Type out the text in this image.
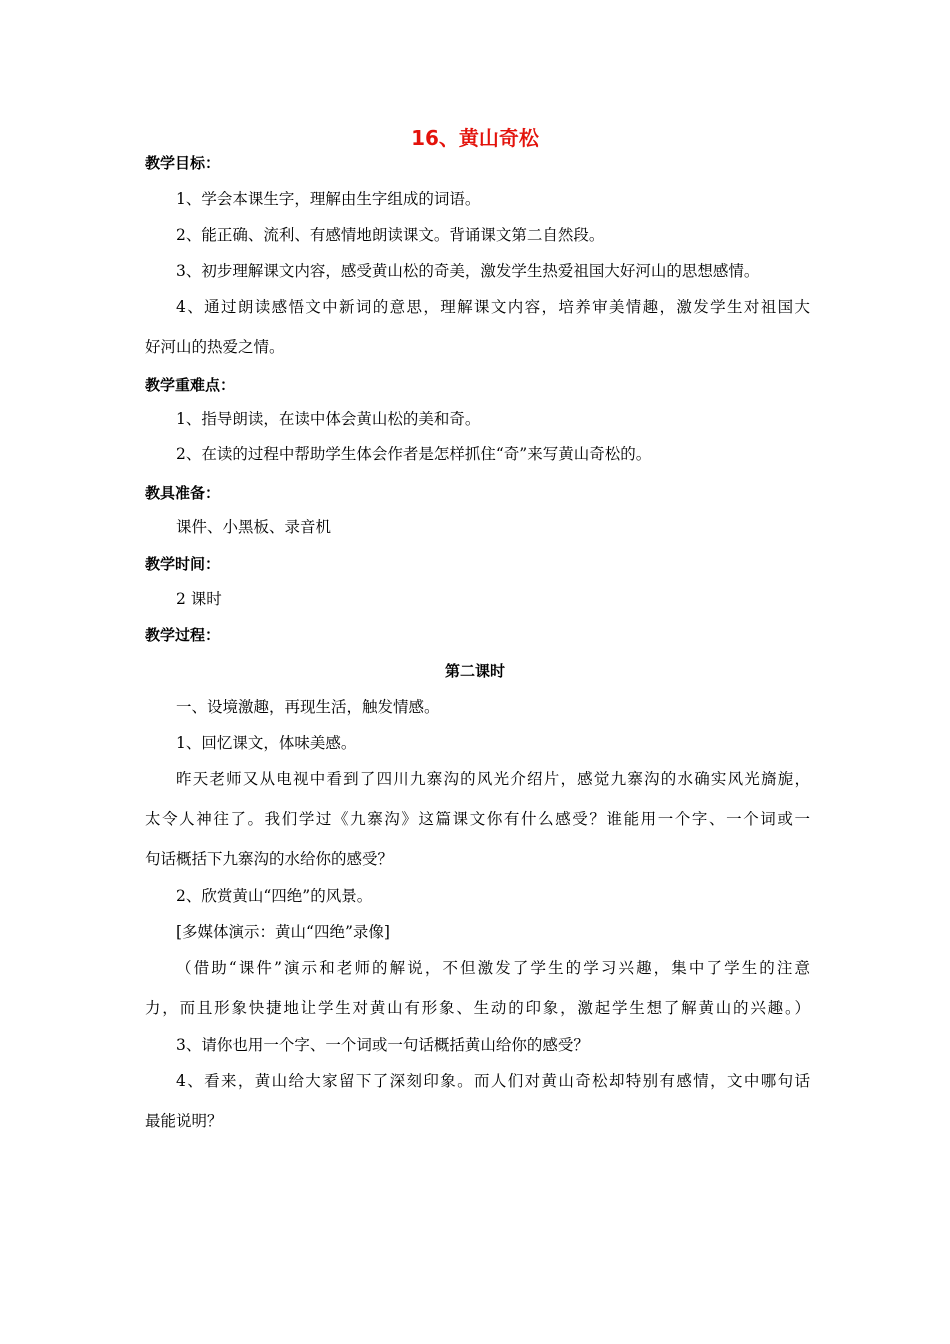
16、黄山奇松
教学目标：
1、学会本课生字，理解由生字组成的词语。
2、能正确、流利、有感情地朗读课文。背诵课文第二自然段。
3、初步理解课文内容，感受黄山松的奇美，激发学生热爱祖国大好河山的思想感情。
4、通过朗读感悟文中新词的意思，理解课文内容，培养审美情趣，激发学生对祖国大
好河山的热爱之情。
教学重难点：
1、指导朗读，在读中体会黄山松的美和奇。
2、在读的过程中帮助学生体会作者是怎样抓住“奇”来写黄山奇松的。
教具准备：
课件、小黑板、录音机
教学时间：
2 课时
教学过程：
第二课时
一、设境激趣，再现生活，触发情感。
1、回忆课文，体味美感。
昨天老师又从电视中看到了四川九寨沟的风光介绍片，感觉九寨沟的水确实风光旖旎，
太令人神往了。我们学过《九寨沟》这篇课文你有什么感受？谁能用一个字、一个词或一
句话概括下九寨沟的水给你的感受？
2、欣赏黄山“四绝”的风景。
[多媒体演示：黄山“四绝”录像]
（借助“课件”演示和老师的解说，不但激发了学生的学习兴趣，集中了学生的注意
力，而且形象快捷地让学生对黄山有形象、生动的印象，激起学生想了解黄山的兴趣。）
3、请你也用一个字、一个词或一句话概括黄山给你的感受？
4、看来，黄山给大家留下了深刻印象。而人们对黄山奇松却特别有感情，文中哪句话
最能说明？
